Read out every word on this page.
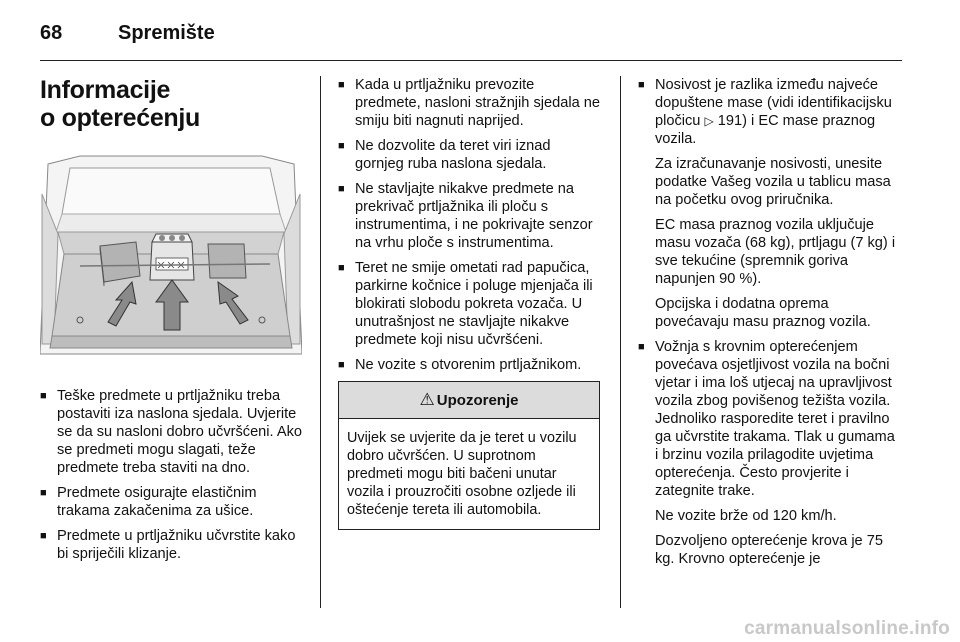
68	Spremište
Informacije
o opterećenju
■ Teške predmete u prtljažniku treba postaviti iza naslona sjedala. Uvjerite se da su nasloni dobro učvršćeni. Ako se predmeti mogu slagati, teže predmete treba staviti na dno.
■ Predmete osigurajte elastičnim trakama zakačenima za ušice.
■ Predmete u prtljažniku učvrstite kako bi spriječili klizanje.
■ Kada u prtljažniku prevozite predmete, nasloni stražnjih sjedala ne smiju biti nagnuti naprijed.
■ Ne dozvolite da teret viri iznad gornjeg ruba naslona sjedala.
■ Ne stavljajte nikakve predmete na prekrivač prtljažnika ili ploču s instrumentima, i ne pokrivajte senzor na vrhu ploče s instrumentima.
■ Teret ne smije ometati rad papučica, parkirne kočnice i poluge mjenjača ili blokirati slobodu pokreta vozača. U unutrašnjost ne stavljajte nikakve predmete koji nisu učvršćeni.
■ Ne vozite s otvorenim prtljažnikom.
⚠ Upozorenje
Uvijek se uvjerite da je teret u vozilu dobro učvršćen. U suprotnom predmeti mogu biti bačeni unutar vozila i prouzročiti osobne ozljede ili oštećenje tereta ili automobila.
■ Nosivost je razlika između najveće dopuštene mase (vidi identifikacijsku pločicu ▷ 191) i EC mase praznog vozila.
Za izračunavanje nosivosti, unesite podatke Vašeg vozila u tablicu masa na početku ovog priručnika.
EC masa praznog vozila uključuje masu vozača (68 kg), prtljagu (7 kg) i sve tekućine (spremnik goriva napunjen 90 %).
Opcijska i dodatna oprema povećavaju masu praznog vozila.
■ Vožnja s krovnim opterećenjem povećava osjetljivost vozila na bočni vjetar i ima loš utjecaj na upravljivost vozila zbog povišenog težišta vozila. Jednoliko rasporedite teret i pravilno ga učvrstite trakama. Tlak u gumama i brzinu vozila prilagodite uvjetima opterećenja. Često provjerite i zategnite trake.
Ne vozite brže od 120 km/h.
Dozvoljeno opterećenje krova je 75 kg. Krovno opterećenje je
carmanualsonline.info
